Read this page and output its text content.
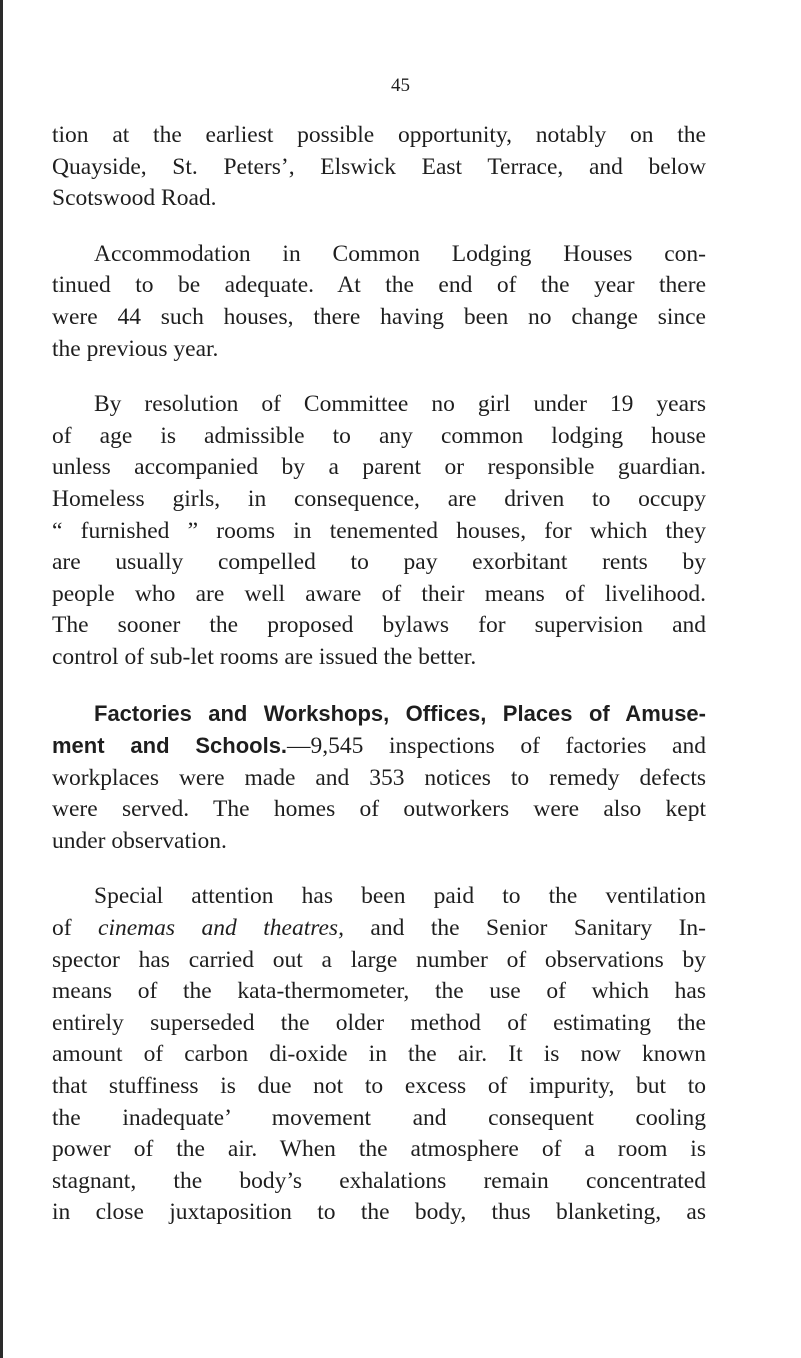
45

tion at the earliest possible opportunity, notably on the
Quayside, St. Peters’, Elswick East Terrace, and below
Scotswood Road.

Accommodation in Common Lodging Houses con-
tinued to be adequate. At the end of the year there
were 44 such houses, there having been no change since
the previous year.

By resolution of Committee no girl under 19 years
of age is admissible to any common lodging house
unless accompanied by a parent or responsible guardian.
Homeless girls, in consequence, are driven to occupy
“ furnished ” rooms in tenemented houses, for which they
are usually compelled to pay exorbitant rents by
people who are well aware of their means of livelihood.
The sooner the proposed bylaws for supervision and
control of sub-let rooms are issued the better.

Factories and Workshops, Offices, Places of Amuse-
ment and Schools.—9,545 inspections of factories and
workplaces were made and 353 notices to remedy defects
were served. The homes of outworkers were also kept
under observation.

Special attention has been paid to the ventilation
of cinemas and theatres, and the Senior Sanitary In-
spector has carried out a large number of observations by
means of the kata-thermometer, the use of which has
entirely superseded the older method of estimating the
amount of carbon di-oxide in the air. It is now known
that stuffiness is due not to excess of impurity, but to
the inadequate’ movement and consequent cooling
power of the air. When the atmosphere of a room is
stagnant, the body’s exhalations remain concentrated
in close juxtaposition to the body, thus blanketing, as
